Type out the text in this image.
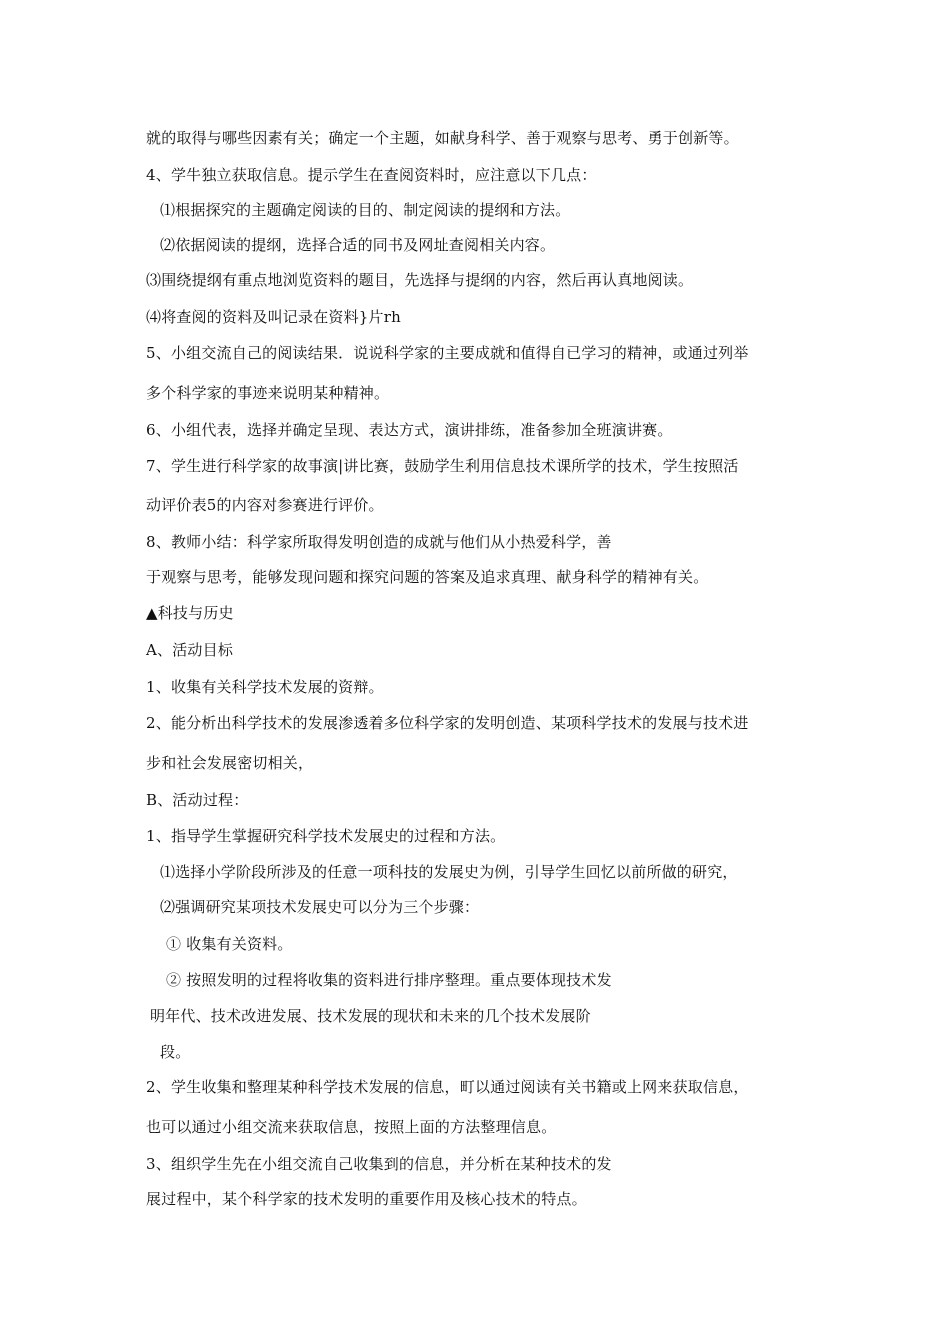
就的取得与哪些因素有关；确定一个主题，如献身科学、善于观察与思考、勇于创新等。
4、学牛独立获取信息。提示学生在查阅资料时，应注意以下几点：
⑴根据探究的主题确定阅读的目的、制定阅读的提纲和方法。
⑵依据阅读的提纲，选择合适的同书及网址查阅相关内容。
⑶围绕提纲有重点地浏览资料的题目，先选择与提纲的内容，然后再认真地阅读。
⑷将查阅的资料及叫记录在资料}片rh
5、小组交流自己的阅读结果．说说科学家的主要成就和值得自已学习的精神，或通过列举
多个科学家的事迹来说明某种精神。
6、小组代表，选择并确定呈现、表达方式，演讲排练，准备参加全班演讲赛。
7、学生进行科学家的故事演|讲比赛，鼓励学生利用信息技术课所学的技术，学生按照活
动评价表5的内容对参赛进行评价。
8、教师小结：科学家所取得发明创造的成就与他们从小热爱科学，善
于观察与思考，能够发现问题和探究问题的答案及追求真理、献身科学的精神有关。
▲科技与历史
A、活动目标
1、收集有关科学技术发展的资辩。
2、能分析出科学技术的发展渗透着多位科学家的发明创造、某项科学技术的发展与技术进
步和社会发展密切相关，
B、活动过程：
1、指导学生掌握研究科学技术发展史的过程和方法。
⑴选择小学阶段所涉及的任意一项科技的发展史为例，引导学生回忆以前所做的研究，
⑵强调研究某项技术发展史可以分为三个步骤：
① 收集有关资料。
② 按照发明的过程将收集的资料进行排序整理。重点要体现技术发
明年代、技术改进发展、技术发展的现状和未来的几个技术发展阶
段。
2、学生收集和整理某种科学技术发展的信息，町以通过阅读有关书籍或上网来获取信息，
也可以通过小组交流来获取信息，按照上面的方法整理信息。
3、组织学生先在小组交流自己收集到的信息，并分析在某种技术的发
展过程中，某个科学家的技术发明的重要作用及核心技术的特点。
